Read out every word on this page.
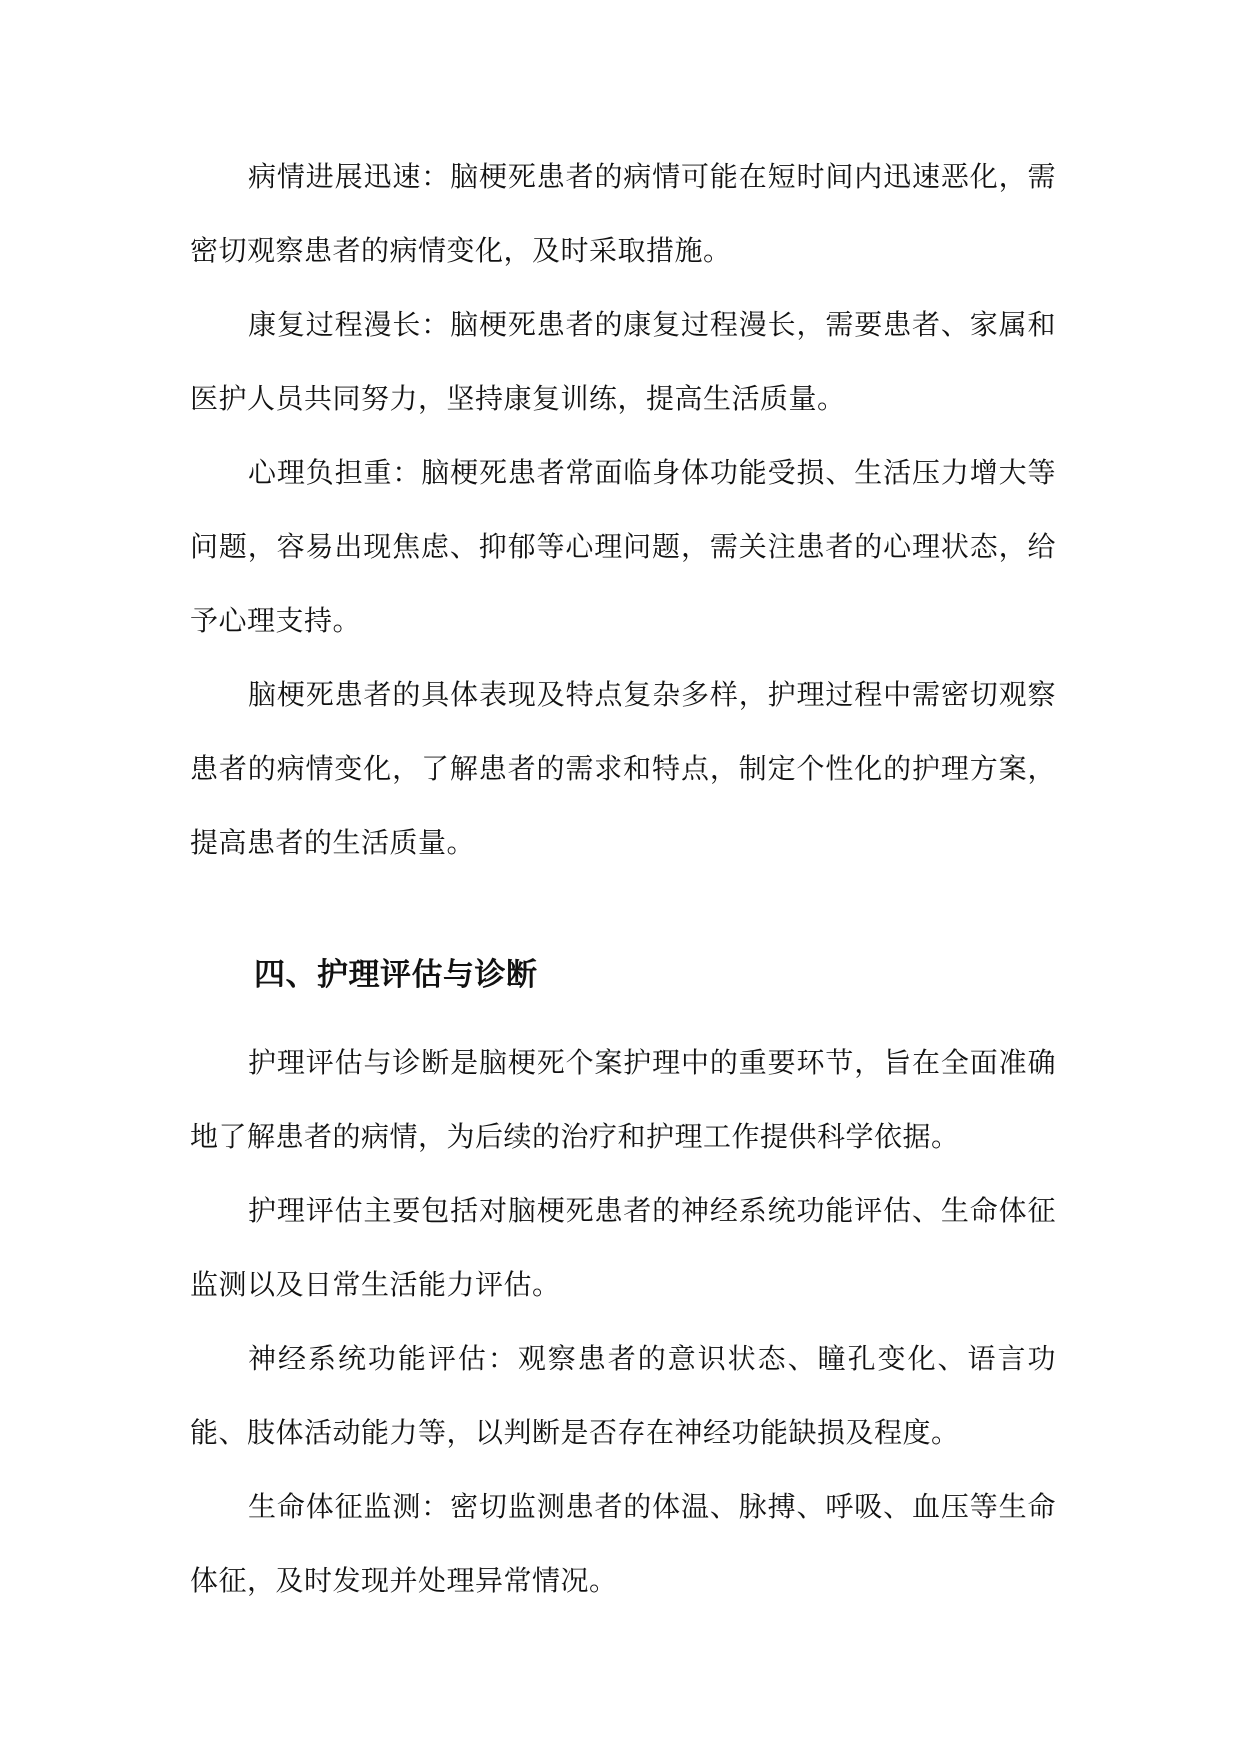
病情进展迅速：脑梗死患者的病情可能在短时间内迅速恶化，需密切观察患者的病情变化，及时采取措施。

康复过程漫长：脑梗死患者的康复过程漫长，需要患者、家属和医护人员共同努力，坚持康复训练，提高生活质量。

心理负担重：脑梗死患者常面临身体功能受损、生活压力增大等问题，容易出现焦虑、抑郁等心理问题，需关注患者的心理状态，给予心理支持。

脑梗死患者的具体表现及特点复杂多样，护理过程中需密切观察患者的病情变化，了解患者的需求和特点，制定个性化的护理方案，提高患者的生活质量。

四、护理评估与诊断

护理评估与诊断是脑梗死个案护理中的重要环节，旨在全面准确地了解患者的病情，为后续的治疗和护理工作提供科学依据。

护理评估主要包括对脑梗死患者的神经系统功能评估、生命体征监测以及日常生活能力评估。

神经系统功能评估：观察患者的意识状态、瞳孔变化、语言功能、肢体活动能力等，以判断是否存在神经功能缺损及程度。

生命体征监测：密切监测患者的体温、脉搏、呼吸、血压等生命体征，及时发现并处理异常情况。
